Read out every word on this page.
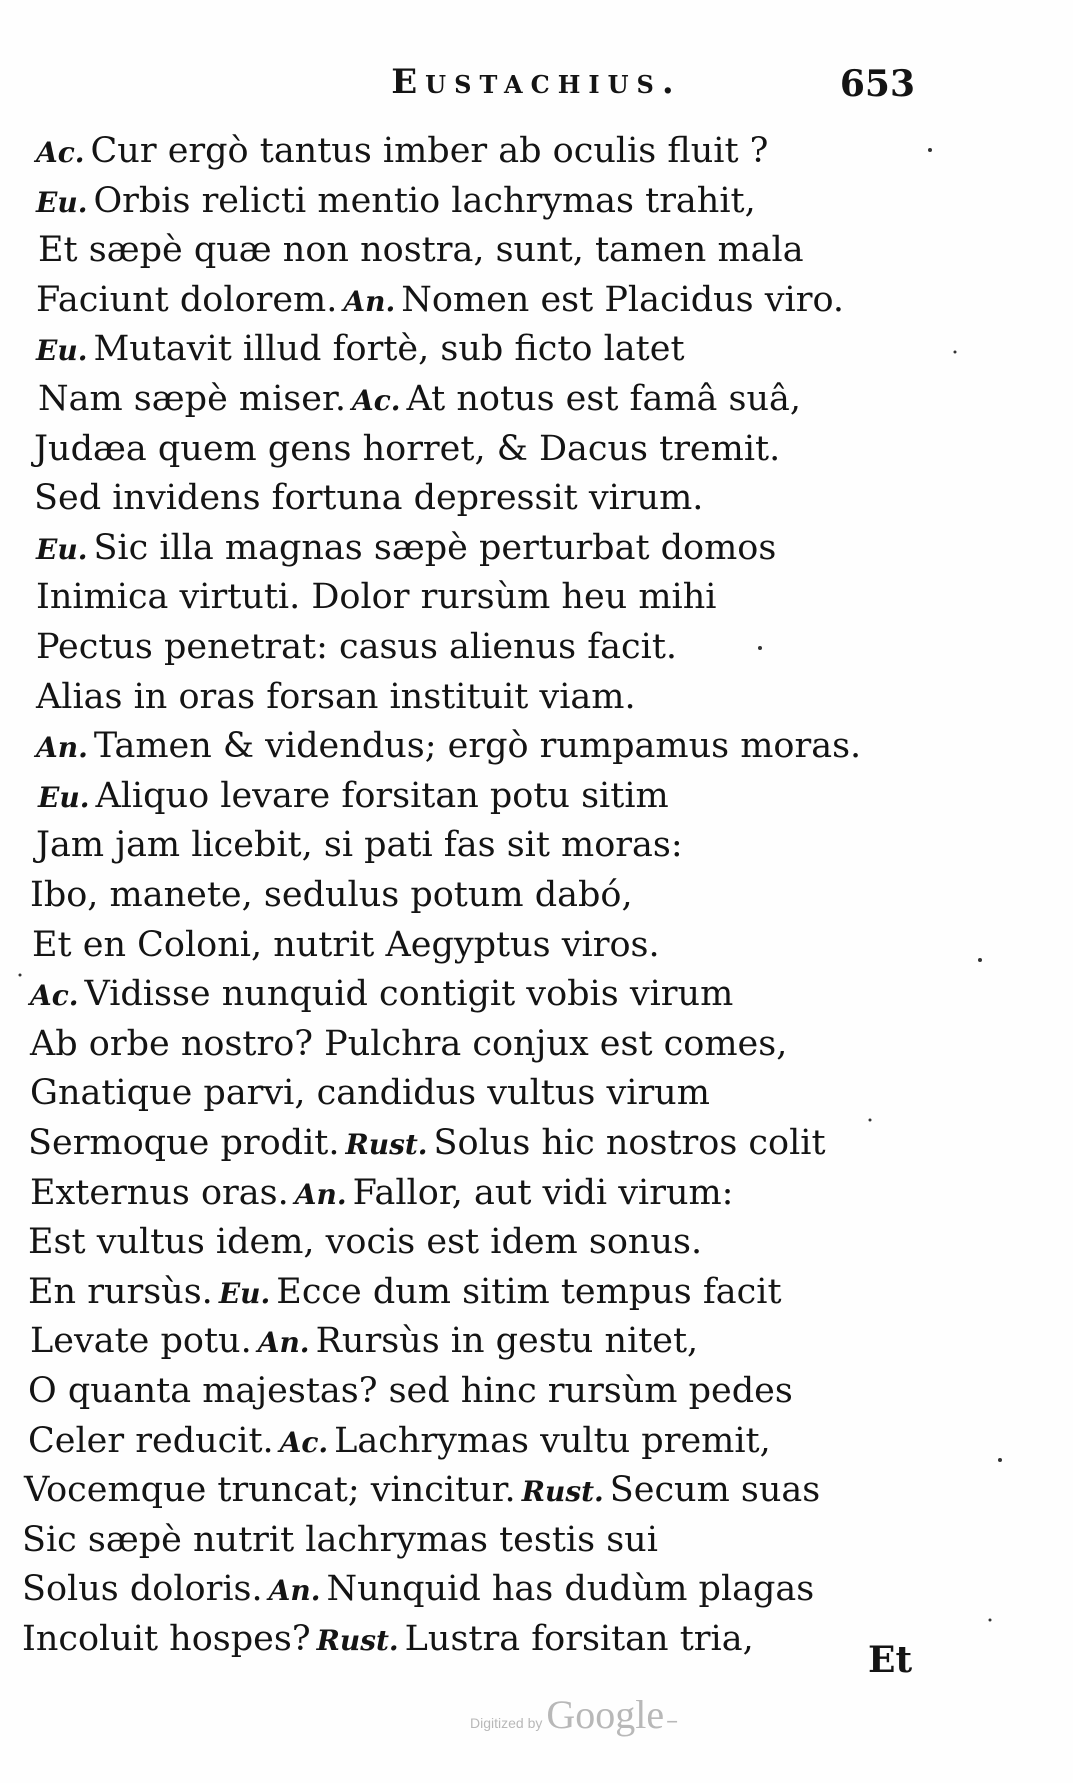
Eustachius.	653
Ac. Cur ergò tantus imber ab oculis fluit ?
Eu. Orbis relicti mentio lachrymas trahit,
Et sæpè quæ non nostra, sunt, tamen mala
Faciunt dolorem. An. Nomen est Placidus viro.
Eu. Mutavit illud fortè, sub ficto latet
Nam sæpè miser. Ac. At notus est famâ suâ,
Judæa quem gens horret, & Dacus tremit.
Sed invidens fortuna depressit virum.
Eu. Sic illa magnas sæpè perturbat domos
Inimica virtuti. Dolor rursùm heu mihi
Pectus penetrat: casus alienus facit.
Alias in oras forsan instituit viam.
An. Tamen & videndus; ergò rumpamus moras.
Eu. Aliquo levare forsitan potu sitim
Jam jam licebit, si pati fas sit moras:
Ibo, manete, sedulus potum dabó,
Et en Coloni, nutrit Aegyptus viros.
Ac. Vidisse nunquid contigit vobis virum
Ab orbe nostro? Pulchra conjux est comes,
Gnatique parvi, candidus vultus virum
Sermoque prodit. Rust. Solus hic nostros colit
Externus oras. An. Fallor, aut vidi virum:
Est vultus idem, vocis est idem sonus.
En rursùs. Eu. Ecce dum sitim tempus facit
Levate potu. An. Rursùs in gestu nitet,
O quanta majestas? sed hinc rursùm pedes
Celer reducit. Ac. Lachrymas vultu premit,
Vocemque truncat; vincitur. Rust. Secum suas
Sic sæpè nutrit lachrymas testis sui
Solus doloris. An. Nunquid has dudùm plagas
Incoluit hospes? Rust. Lustra forsitan tria,	Et
Digitized by Google–
